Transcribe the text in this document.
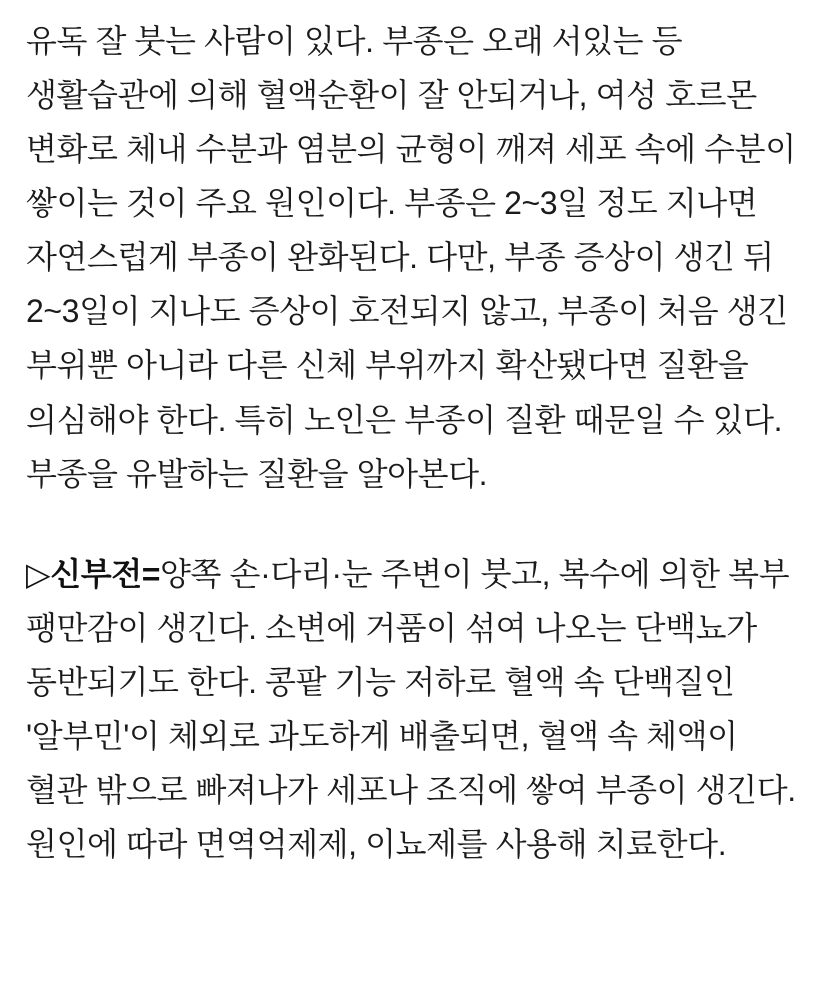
유독 잘 붓는 사람이 있다. 부종은 오래 서있는 등 생활습관에 의해 혈액순환이 잘 안되거나, 여성 호르몬 변화로 체내 수분과 염분의 균형이 깨져 세포 속에 수분이 쌓이는 것이 주요 원인이다. 부종은 2~3일 정도 지나면 자연스럽게 부종이 완화된다. 다만, 부종 증상이 생긴 뒤 2~3일이 지나도 증상이 호전되지 않고, 부종이 처음 생긴 부위뿐 아니라 다른 신체 부위까지 확산됐다면 질환을 의심해야 한다. 특히 노인은 부종이 질환 때문일 수 있다. 부종을 유발하는 질환을 알아본다.

▷신부전=양쪽 손·다리·눈 주변이 붓고, 복수에 의한 복부 팽만감이 생긴다. 소변에 거품이 섞여 나오는 단백뇨가 동반되기도 한다. 콩팥 기능 저하로 혈액 속 단백질인 '알부민'이 체외로 과도하게 배출되면, 혈액 속 체액이 혈관 밖으로 빠져나가 세포나 조직에 쌓여 부종이 생긴다. 원인에 따라 면역억제제, 이뇨제를 사용해 치료한다.
